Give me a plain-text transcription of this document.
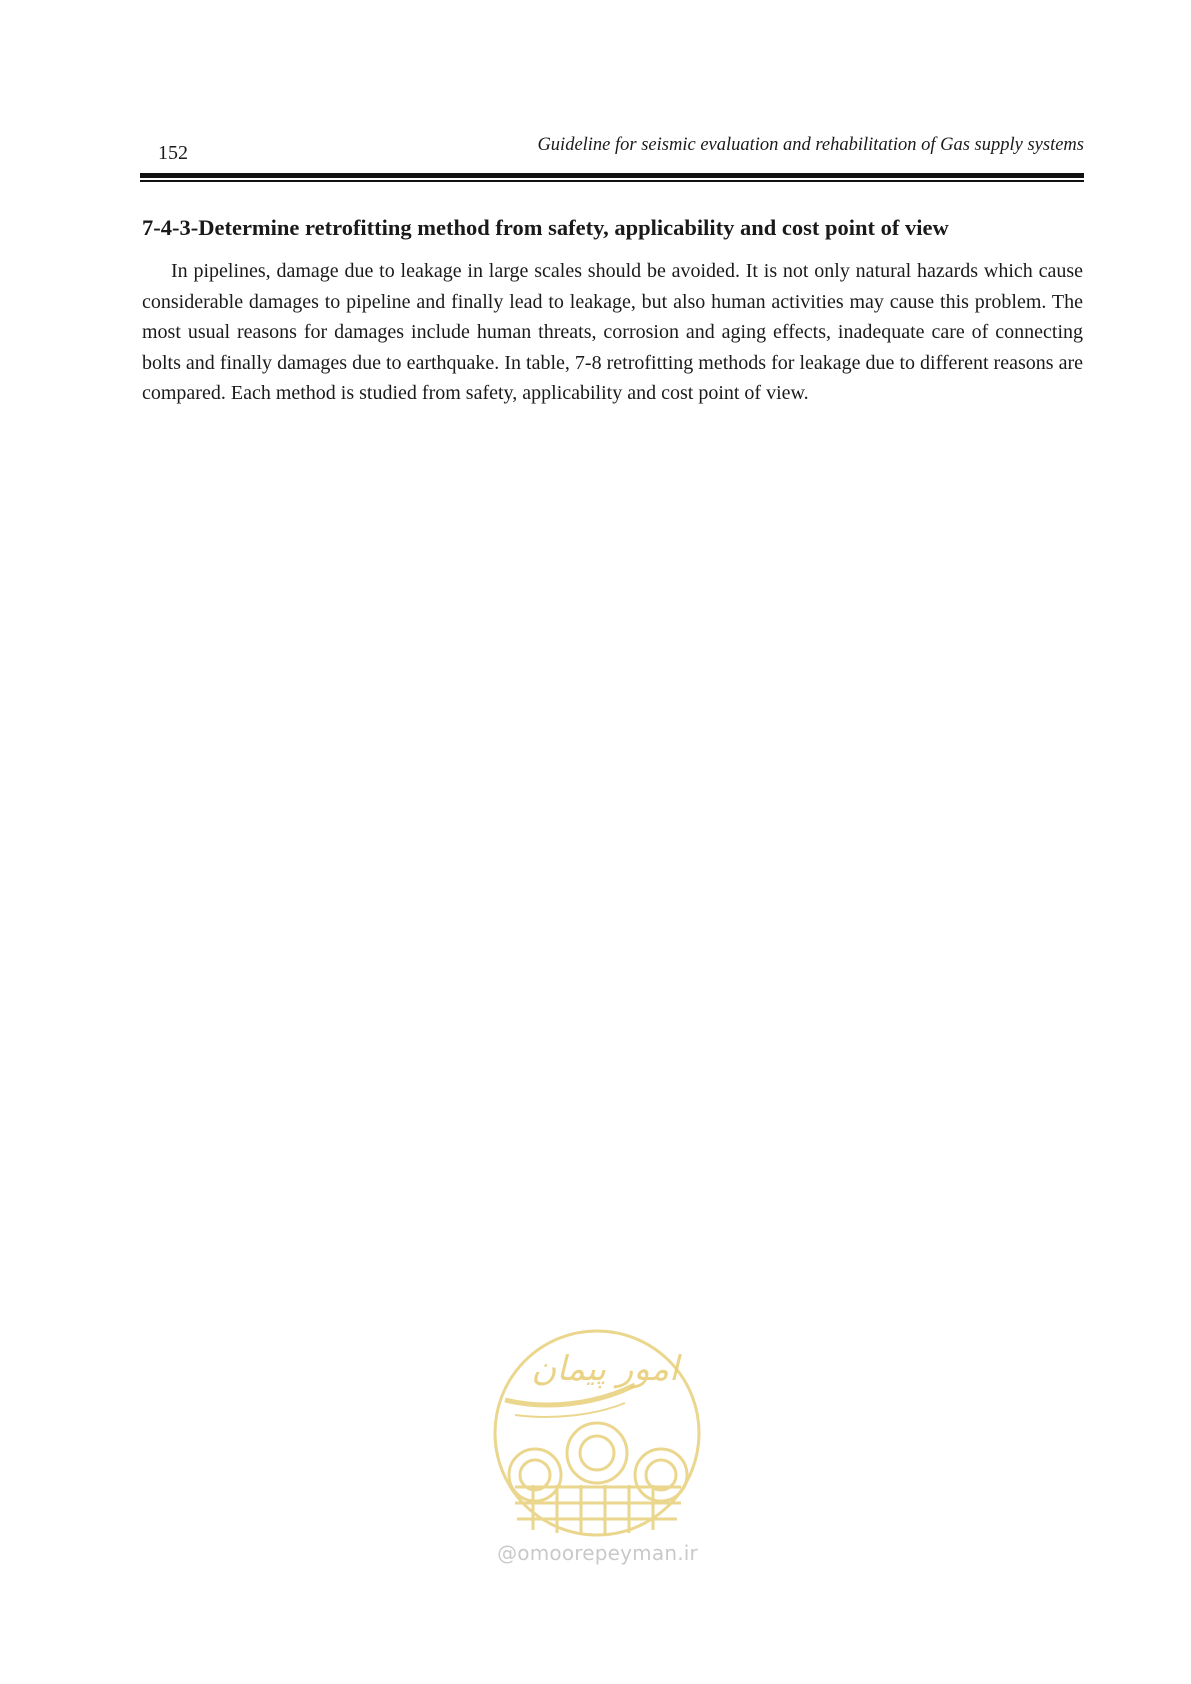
152	Guideline for seismic evaluation and rehabilitation of Gas supply systems
7-4-3-Determine retrofitting method from safety, applicability and cost point of view

In pipelines, damage due to leakage in large scales should be avoided. It is not only natural hazards which cause considerable damages to pipeline and finally lead to leakage, but also human activities may cause this problem. The most usual reasons for damages include human threats, corrosion and aging effects, inadequate care of connecting bolts and finally damages due to earthquake. In table, 7-8 retrofitting methods for leakage due to different reasons are compared. Each method is studied from safety, applicability and cost point of view.

امور پیمان
@omoorepeyman.ir
